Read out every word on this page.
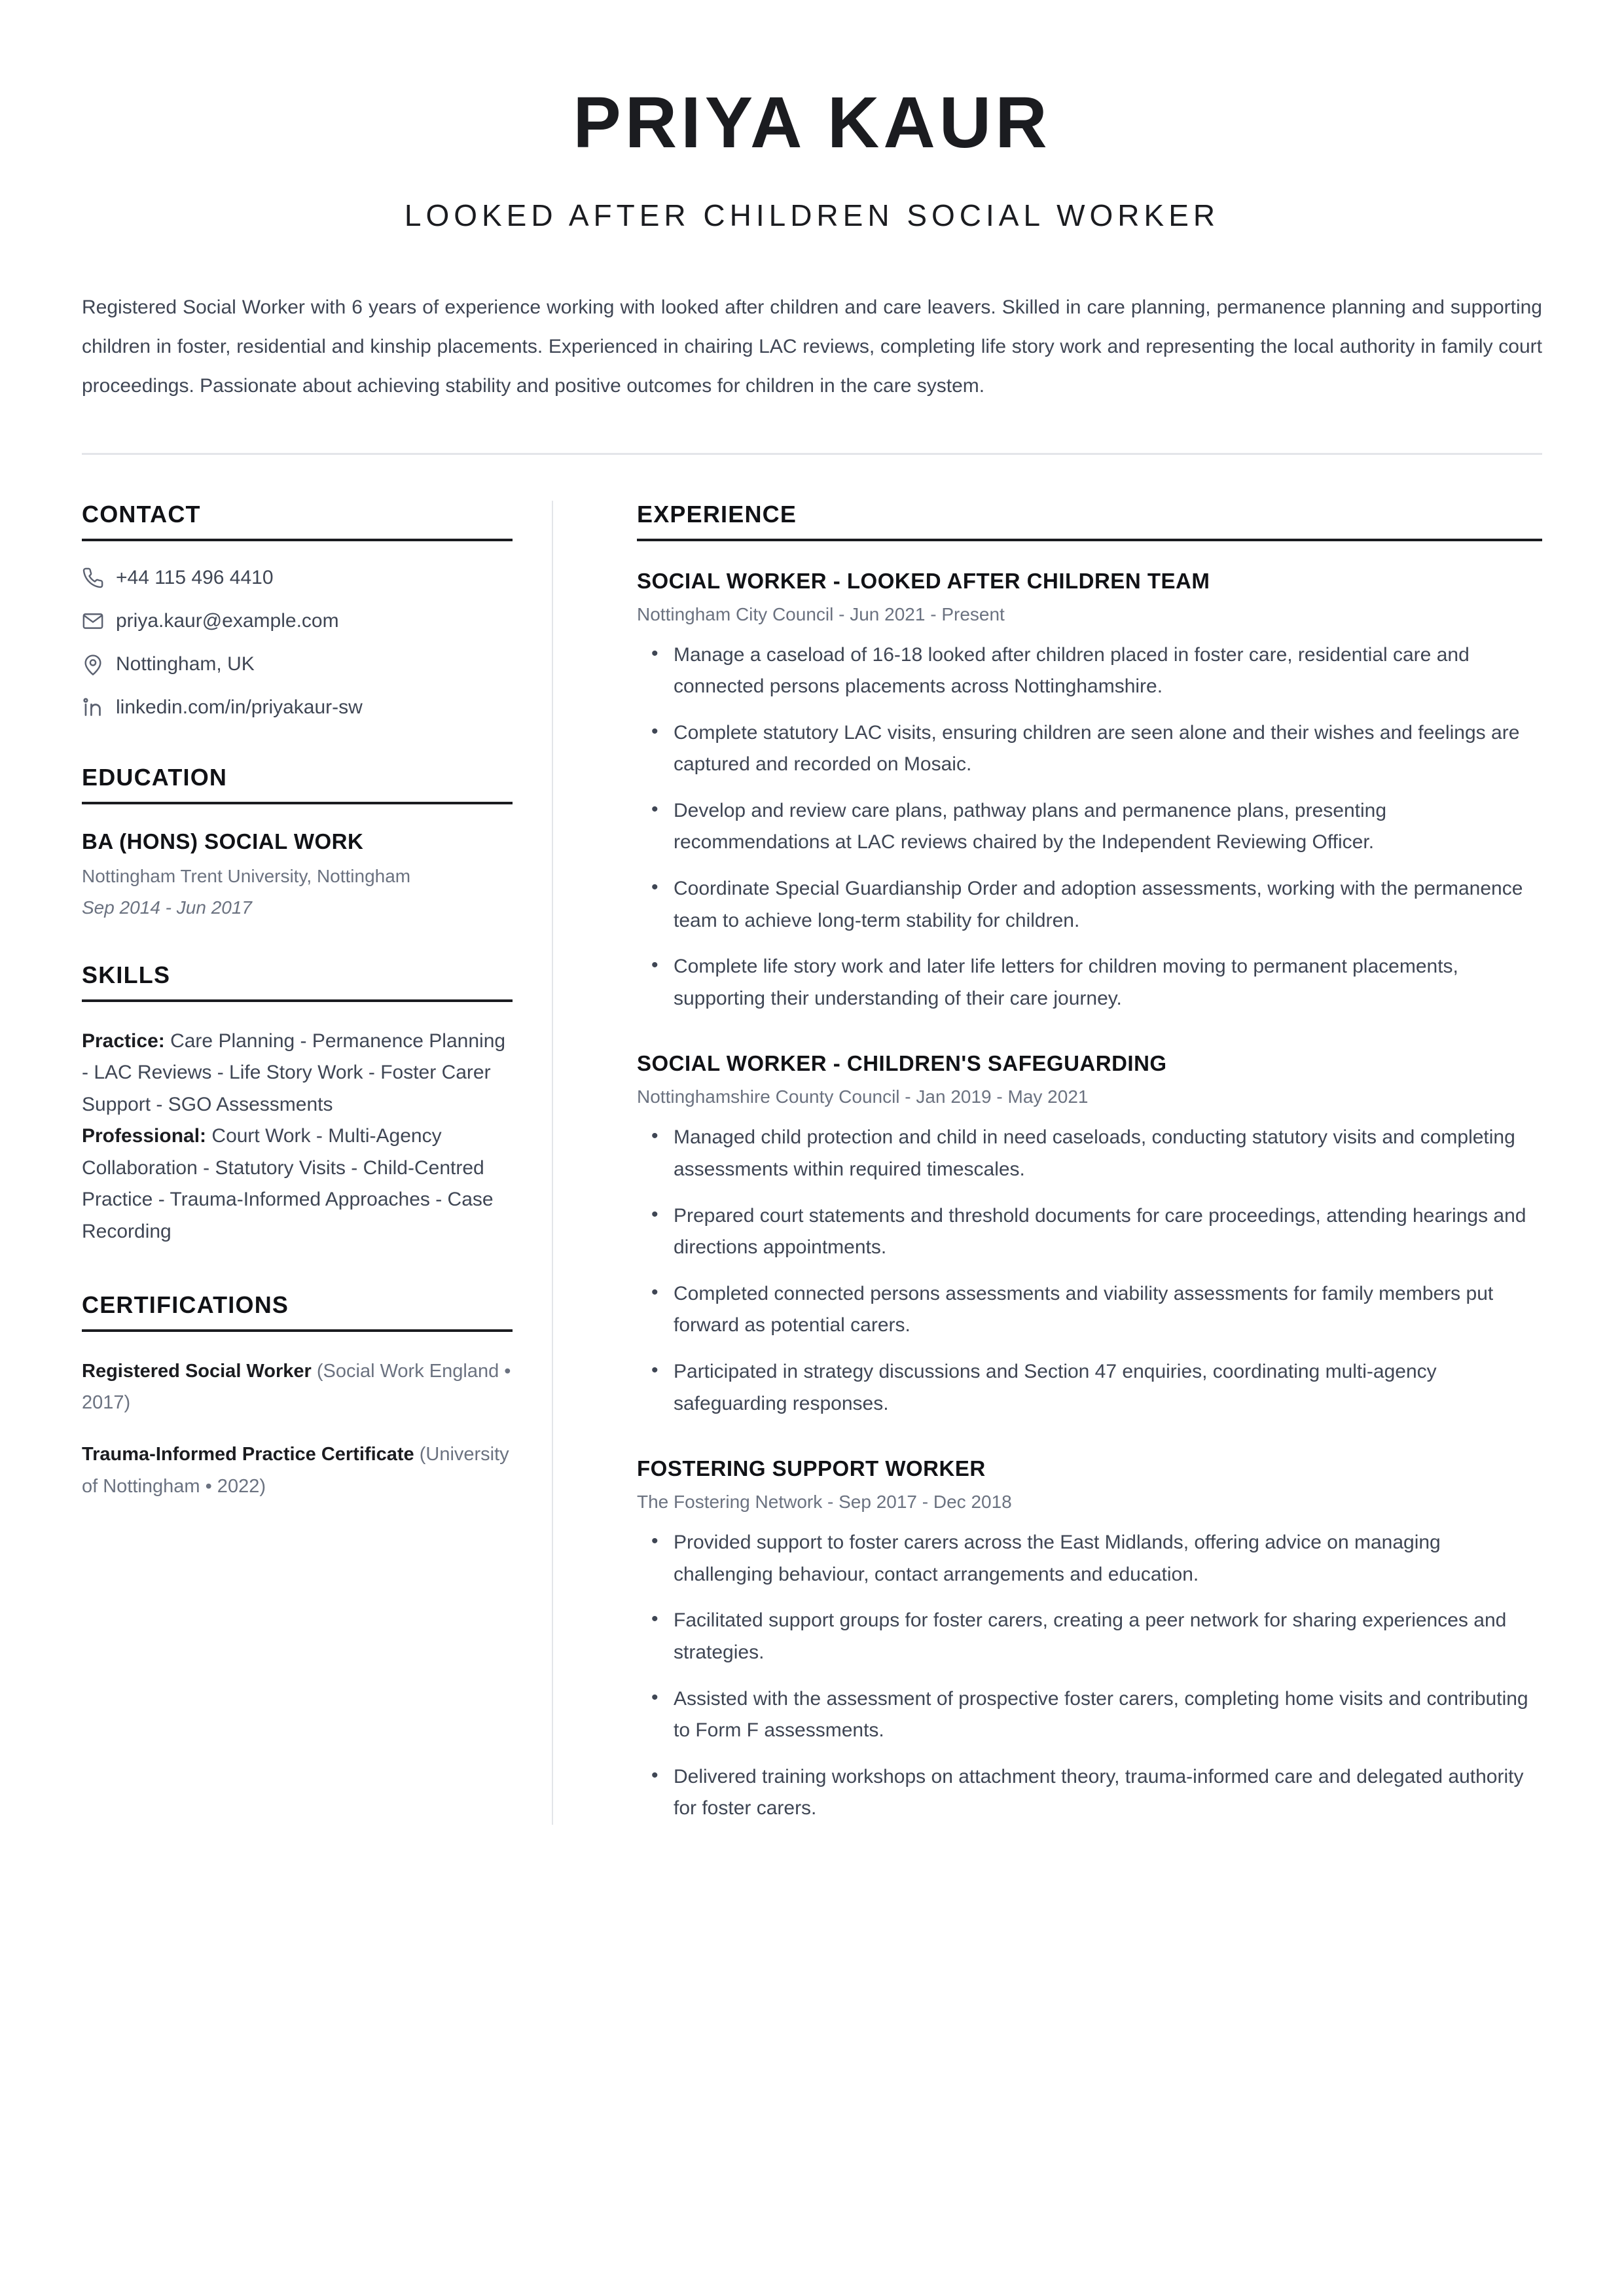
PRIYA KAUR
LOOKED AFTER CHILDREN SOCIAL WORKER
Registered Social Worker with 6 years of experience working with looked after children and care leavers. Skilled in care planning, permanence planning and supporting children in foster, residential and kinship placements. Experienced in chairing LAC reviews, completing life story work and representing the local authority in family court proceedings. Passionate about achieving stability and positive outcomes for children in the care system.
CONTACT
+44 115 496 4410
priya.kaur@example.com
Nottingham, UK
linkedin.com/in/priyakaur-sw
EDUCATION
BA (HONS) SOCIAL WORK
Nottingham Trent University, Nottingham
Sep 2014 - Jun 2017
SKILLS
Practice: Care Planning - Permanence Planning - LAC Reviews - Life Story Work - Foster Carer Support - SGO Assessments
Professional: Court Work - Multi-Agency Collaboration - Statutory Visits - Child-Centred Practice - Trauma-Informed Approaches - Case Recording
CERTIFICATIONS
Registered Social Worker (Social Work England • 2017)
Trauma-Informed Practice Certificate (University of Nottingham • 2022)
EXPERIENCE
SOCIAL WORKER - LOOKED AFTER CHILDREN TEAM
Nottingham City Council - Jun 2021 - Present
• Manage a caseload of 16-18 looked after children placed in foster care, residential care and connected persons placements across Nottinghamshire.
• Complete statutory LAC visits, ensuring children are seen alone and their wishes and feelings are captured and recorded on Mosaic.
• Develop and review care plans, pathway plans and permanence plans, presenting recommendations at LAC reviews chaired by the Independent Reviewing Officer.
• Coordinate Special Guardianship Order and adoption assessments, working with the permanence team to achieve long-term stability for children.
• Complete life story work and later life letters for children moving to permanent placements, supporting their understanding of their care journey.
SOCIAL WORKER - CHILDREN'S SAFEGUARDING
Nottinghamshire County Council - Jan 2019 - May 2021
• Managed child protection and child in need caseloads, conducting statutory visits and completing assessments within required timescales.
• Prepared court statements and threshold documents for care proceedings, attending hearings and directions appointments.
• Completed connected persons assessments and viability assessments for family members put forward as potential carers.
• Participated in strategy discussions and Section 47 enquiries, coordinating multi-agency safeguarding responses.
FOSTERING SUPPORT WORKER
The Fostering Network - Sep 2017 - Dec 2018
• Provided support to foster carers across the East Midlands, offering advice on managing challenging behaviour, contact arrangements and education.
• Facilitated support groups for foster carers, creating a peer network for sharing experiences and strategies.
• Assisted with the assessment of prospective foster carers, completing home visits and contributing to Form F assessments.
• Delivered training workshops on attachment theory, trauma-informed care and delegated authority for foster carers.
